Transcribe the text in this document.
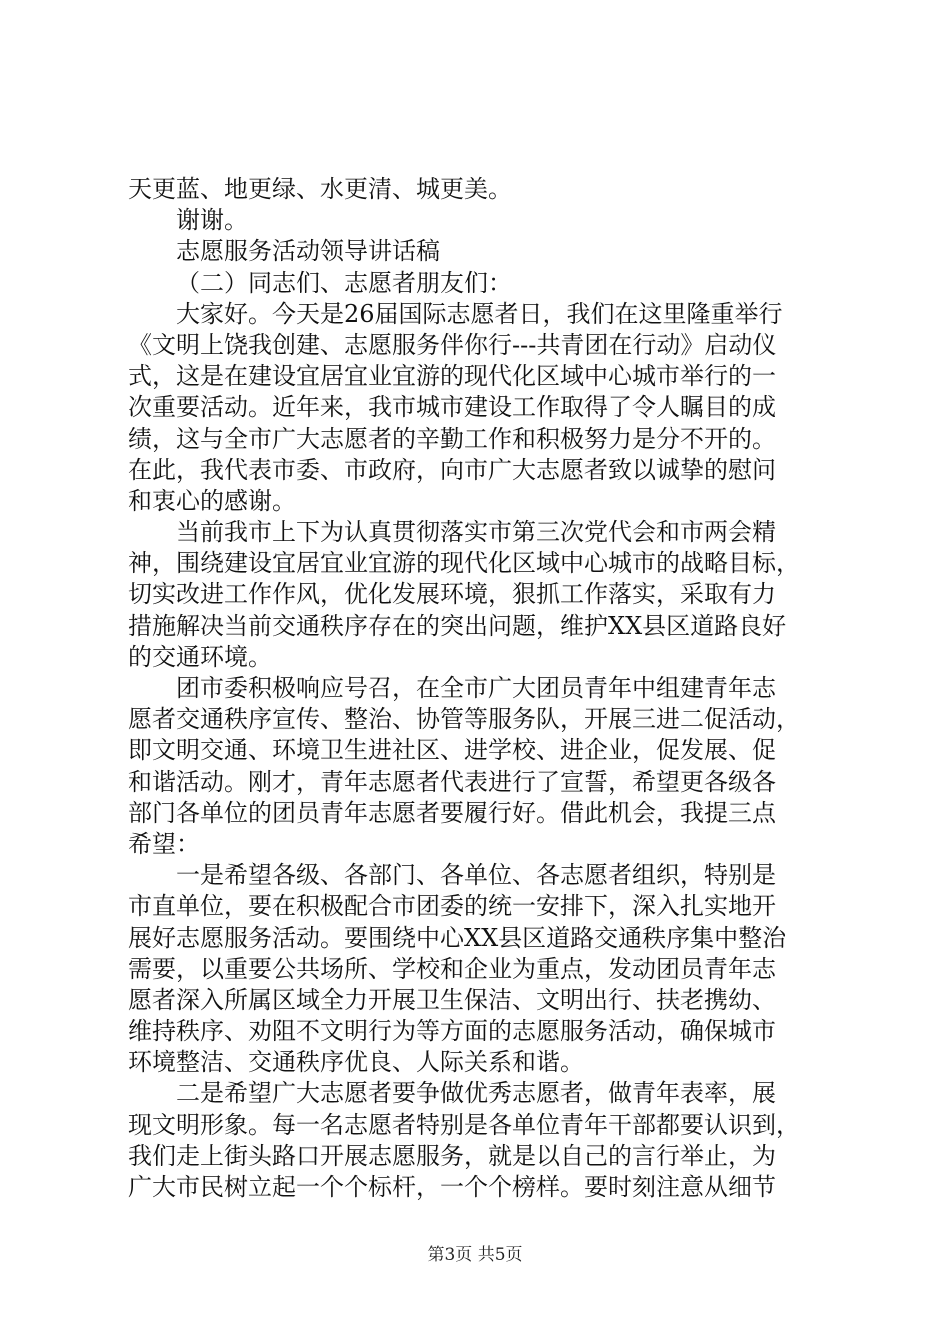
天更蓝、地更绿、水更清、城更美。
谢谢。
志愿服务活动领导讲话稿
（二）同志们、志愿者朋友们：
大家好。今天是26届国际志愿者日，我们在这里隆重举行
《文明上饶我创建、志愿服务伴你行---共青团在行动》启动仪
式，这是在建设宜居宜业宜游的现代化区域中心城市举行的一
次重要活动。近年来，我市城市建设工作取得了令人瞩目的成
绩，这与全市广大志愿者的辛勤工作和积极努力是分不开的。
在此，我代表市委、市政府，向市广大志愿者致以诚挚的慰问
和衷心的感谢。
当前我市上下为认真贯彻落实市第三次党代会和市两会精
神，围绕建设宜居宜业宜游的现代化区域中心城市的战略目标，
切实改进工作作风，优化发展环境，狠抓工作落实，采取有力
措施解决当前交通秩序存在的突出问题，维护XX县区道路良好
的交通环境。
团市委积极响应号召，在全市广大团员青年中组建青年志
愿者交通秩序宣传、整治、协管等服务队，开展三进二促活动，
即文明交通、环境卫生进社区、进学校、进企业，促发展、促
和谐活动。刚才，青年志愿者代表进行了宣誓，希望更各级各
部门各单位的团员青年志愿者要履行好。借此机会，我提三点
希望：
一是希望各级、各部门、各单位、各志愿者组织，特别是
市直单位，要在积极配合市团委的统一安排下，深入扎实地开
展好志愿服务活动。要围绕中心XX县区道路交通秩序集中整治
需要，以重要公共场所、学校和企业为重点，发动团员青年志
愿者深入所属区域全力开展卫生保洁、文明出行、扶老携幼、
维持秩序、劝阻不文明行为等方面的志愿服务活动，确保城市
环境整洁、交通秩序优良、人际关系和谐。
二是希望广大志愿者要争做优秀志愿者，做青年表率，展
现文明形象。每一名志愿者特别是各单位青年干部都要认识到，
我们走上街头路口开展志愿服务，就是以自己的言行举止，为
广大市民树立起一个个标杆，一个个榜样。要时刻注意从细节
第3页 共5页
